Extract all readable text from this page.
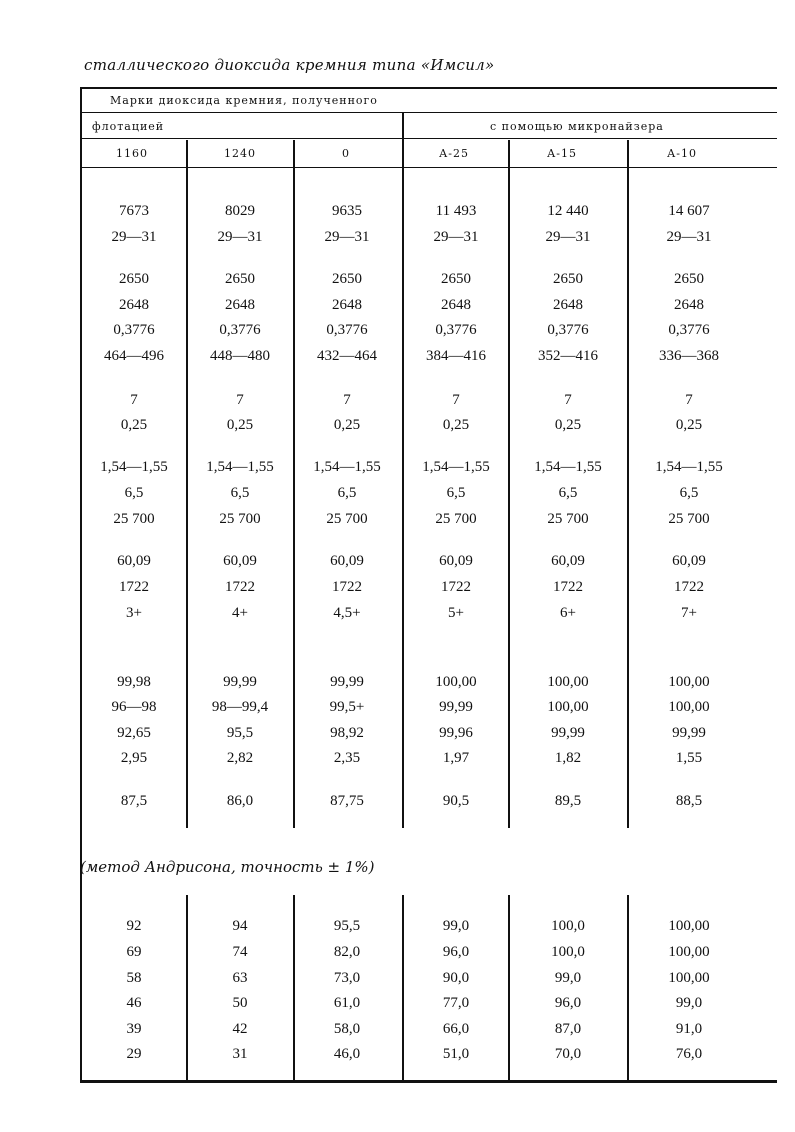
сталлического диоксида кремния типа «Имсил»
Марки диоксида кремния, полученного
флотацией	с помощью микронайзера
1160	1240	0	А-25	А-15	А-10
(метод Андрисона, точность ± 1%)
7673	8029	9635	11 493	12 440	14 607
29—31	29—31	29—31	29—31	29—31	29—31
2650	2650	2650	2650	2650	2650
2648	2648	2648	2648	2648	2648
0,3776	0,3776	0,3776	0,3776	0,3776	0,3776
464—496	448—480	432—464	384—416	352—416	336—368
7	7	7	7	7	7
0,25	0,25	0,25	0,25	0,25	0,25
1,54—1,55	1,54—1,55	1,54—1,55	1,54—1,55	1,54—1,55	1,54—1,55
6,5	6,5	6,5	6,5	6,5	6,5
25 700	25 700	25 700	25 700	25 700	25 700
60,09	60,09	60,09	60,09	60,09	60,09
1722	1722	1722	1722	1722	1722
3+	4+	4,5+	5+	6+	7+
99,98	99,99	99,99	100,00	100,00	100,00
96—98	98—99,4	99,5+	99,99	100,00	100,00
92,65	95,5	98,92	99,96	99,99	99,99
2,95	2,82	2,35	1,97	1,82	1,55
87,5	86,0	87,75	90,5	89,5	88,5
92	94	95,5	99,0	100,0	100,00
69	74	82,0	96,0	100,0	100,00
58	63	73,0	90,0	99,0	100,00
46	50	61,0	77,0	96,0	99,0
39	42	58,0	66,0	87,0	91,0
29	31	46,0	51,0	70,0	76,0
